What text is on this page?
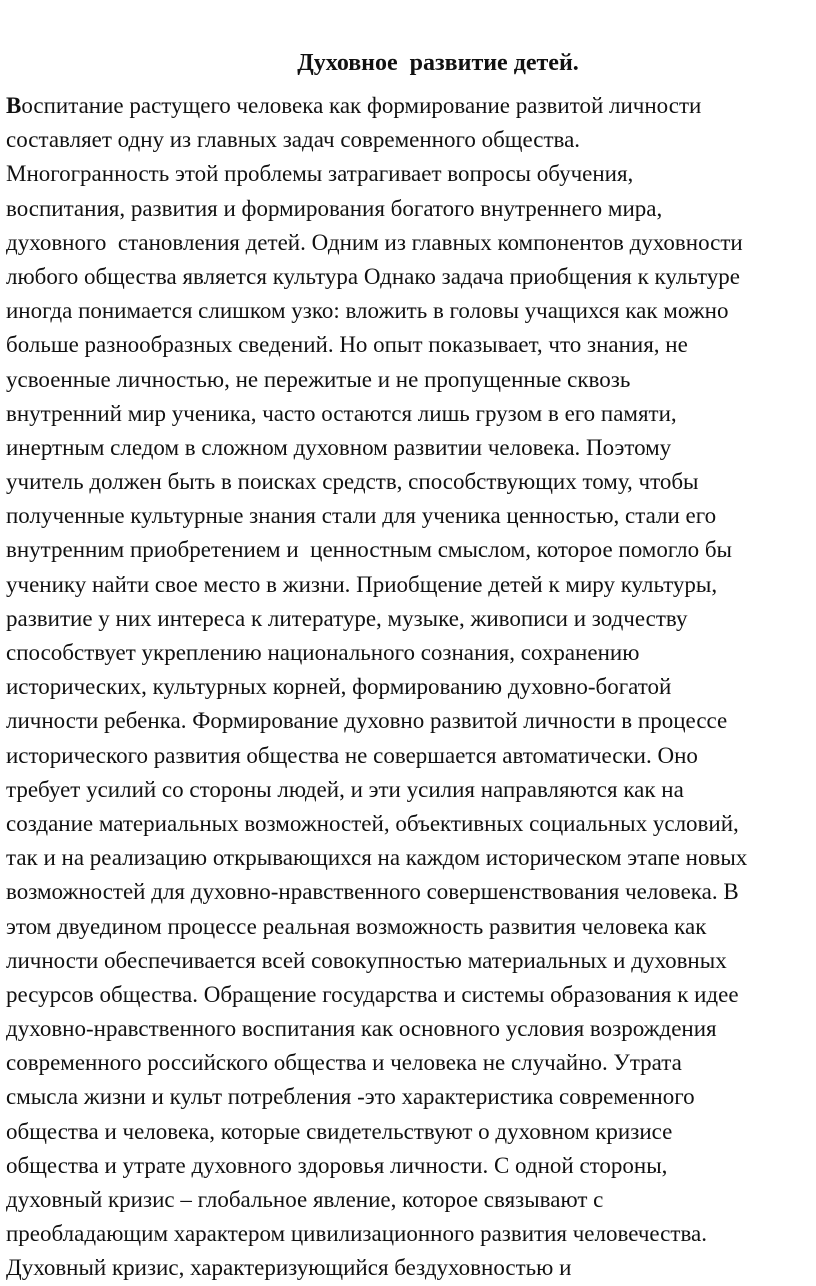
Духовное  развитие детей.
Воспитание растущего человека как формирование развитой личности
составляет одну из главных задач современного общества.
Многогранность этой проблемы затрагивает вопросы обучения,
воспитания, развития и формирования богатого внутреннего мира,
духовного  становления детей. Одним из главных компонентов духовности
любого общества является культура Однако задача приобщения к культуре
иногда понимается слишком узко: вложить в головы учащихся как можно
больше разнообразных сведений. Но опыт показывает, что знания, не
усвоенные личностью, не пережитые и не пропущенные сквозь
внутренний мир ученика, часто остаются лишь грузом в его памяти,
инертным следом в сложном духовном развитии человека. Поэтому
учитель должен быть в поисках средств, способствующих тому, чтобы
полученные культурные знания стали для ученика ценностью, стали его
внутренним приобретением и  ценностным смыслом, которое помогло бы
ученику найти свое место в жизни. Приобщение детей к миру культуры,
развитие у них интереса к литературе, музыке, живописи и зодчеству
способствует укреплению национального сознания, сохранению
исторических, культурных корней, формированию духовно-богатой
личности ребенка. Формирование духовно развитой личности в процессе
исторического развития общества не совершается автоматически. Оно
требует усилий со стороны людей, и эти усилия направляются как на
создание материальных возможностей, объективных социальных условий,
так и на реализацию открывающихся на каждом историческом этапе новых
возможностей для духовно-нравственного совершенствования человека. В
этом двуедином процессе реальная возможность развития человека как
личности обеспечивается всей совокупностью материальных и духовных
ресурсов общества. Обращение государства и системы образования к идее
духовно-нравственного воспитания как основного условия возрождения
современного российского общества и человека не случайно. Утрата
смысла жизни и культ потребления -это характеристика современного
общества и человека, которые свидетельствуют о духовном кризисе
общества и утрате духовного здоровья личности. С одной стороны,
духовный кризис – глобальное явление, которое связывают с
преобладающим характером цивилизационного развития человечества.
Духовный кризис, характеризующийся бездуховностью и
